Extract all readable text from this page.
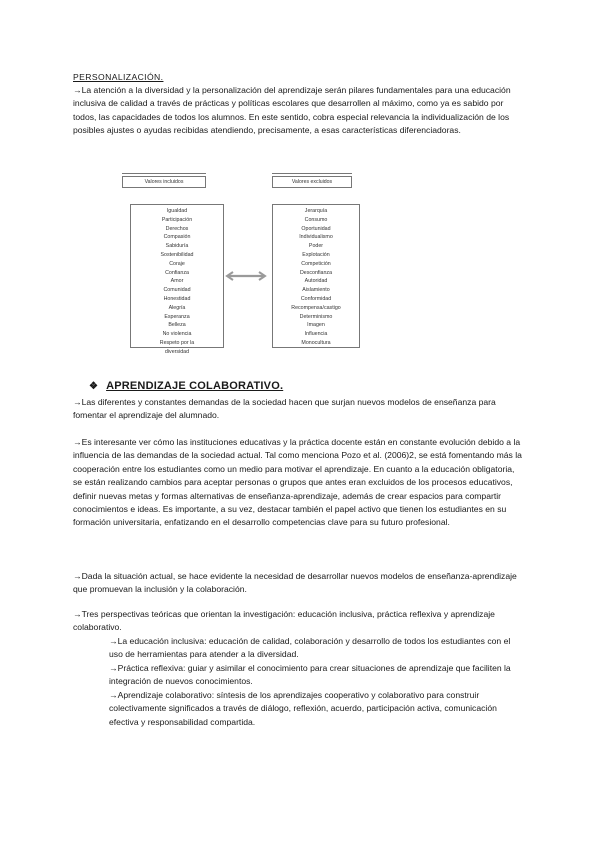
PERSONALIZACIÓN.

→La atención a la diversidad y la personalización del aprendizaje serán pilares fundamentales para una educación inclusiva de calidad a través de prácticas y políticas escolares que desarrollen al máximo, como ya es sabido por todos, las capacidades de todos los alumnos. En este sentido, cobra especial relevancia la individualización de los posibles ajustes o ayudas recibidas atendiendo, precisamente, a esas características diferenciadoras.

Valores incluidos
Igualdad
Participación
Derechos
Compasión
Sabiduría
Sostenibilidad
Coraje
Confianza
Amor
Comunidad
Honestidad
Alegría
Esperanza
Belleza
No violencia
Respeto por la
diversidad
Valores excluidos
Jerarquía
Consumo
Oportunidad
Individualismo
Poder
Explotación
Competición
Desconfianza
Autoridad
Aislamiento
Conformidad
Recompensa/castigo
Determinismo
Imagen
Influencia
Monocultura
❖ APRENDIZAJE COLABORATIVO.

→Las diferentes y constantes demandas de la sociedad hacen que surjan nuevos modelos de enseñanza para fomentar el aprendizaje del alumnado.

→Es interesante ver cómo las instituciones educativas y la práctica docente están en constante evolución debido a la influencia de las demandas de la sociedad actual. Tal como menciona Pozo et al. (2006)2, se está fomentando más la cooperación entre los estudiantes como un medio para motivar el aprendizaje. En cuanto a la educación obligatoria, se están realizando cambios para aceptar personas o grupos que antes eran excluidos de los procesos educativos, definir nuevas metas y formas alternativas de enseñanza-aprendizaje, además de crear espacios para compartir conocimientos e ideas. Es importante, a su vez, destacar también el papel activo que tienen los estudiantes en su formación universitaria, enfatizando en el desarrollo competencias clave para su futuro profesional.

→Dada la situación actual, se hace evidente la necesidad de desarrollar nuevos modelos de enseñanza-aprendizaje que promuevan la inclusión y la colaboración.

→Tres perspectivas teóricas que orientan la investigación: educación inclusiva, práctica reflexiva y aprendizaje colaborativo.

→La educación inclusiva: educación de calidad, colaboración y desarrollo de todos los estudiantes con el uso de herramientas para atender a la diversidad.

→Práctica reflexiva: guiar y asimilar el conocimiento para crear situaciones de aprendizaje que faciliten la integración de nuevos conocimientos.

→Aprendizaje colaborativo: síntesis de los aprendizajes cooperativo y colaborativo para construir colectivamente significados a través de diálogo, reflexión, acuerdo, participación activa, comunicación efectiva y responsabilidad compartida.
